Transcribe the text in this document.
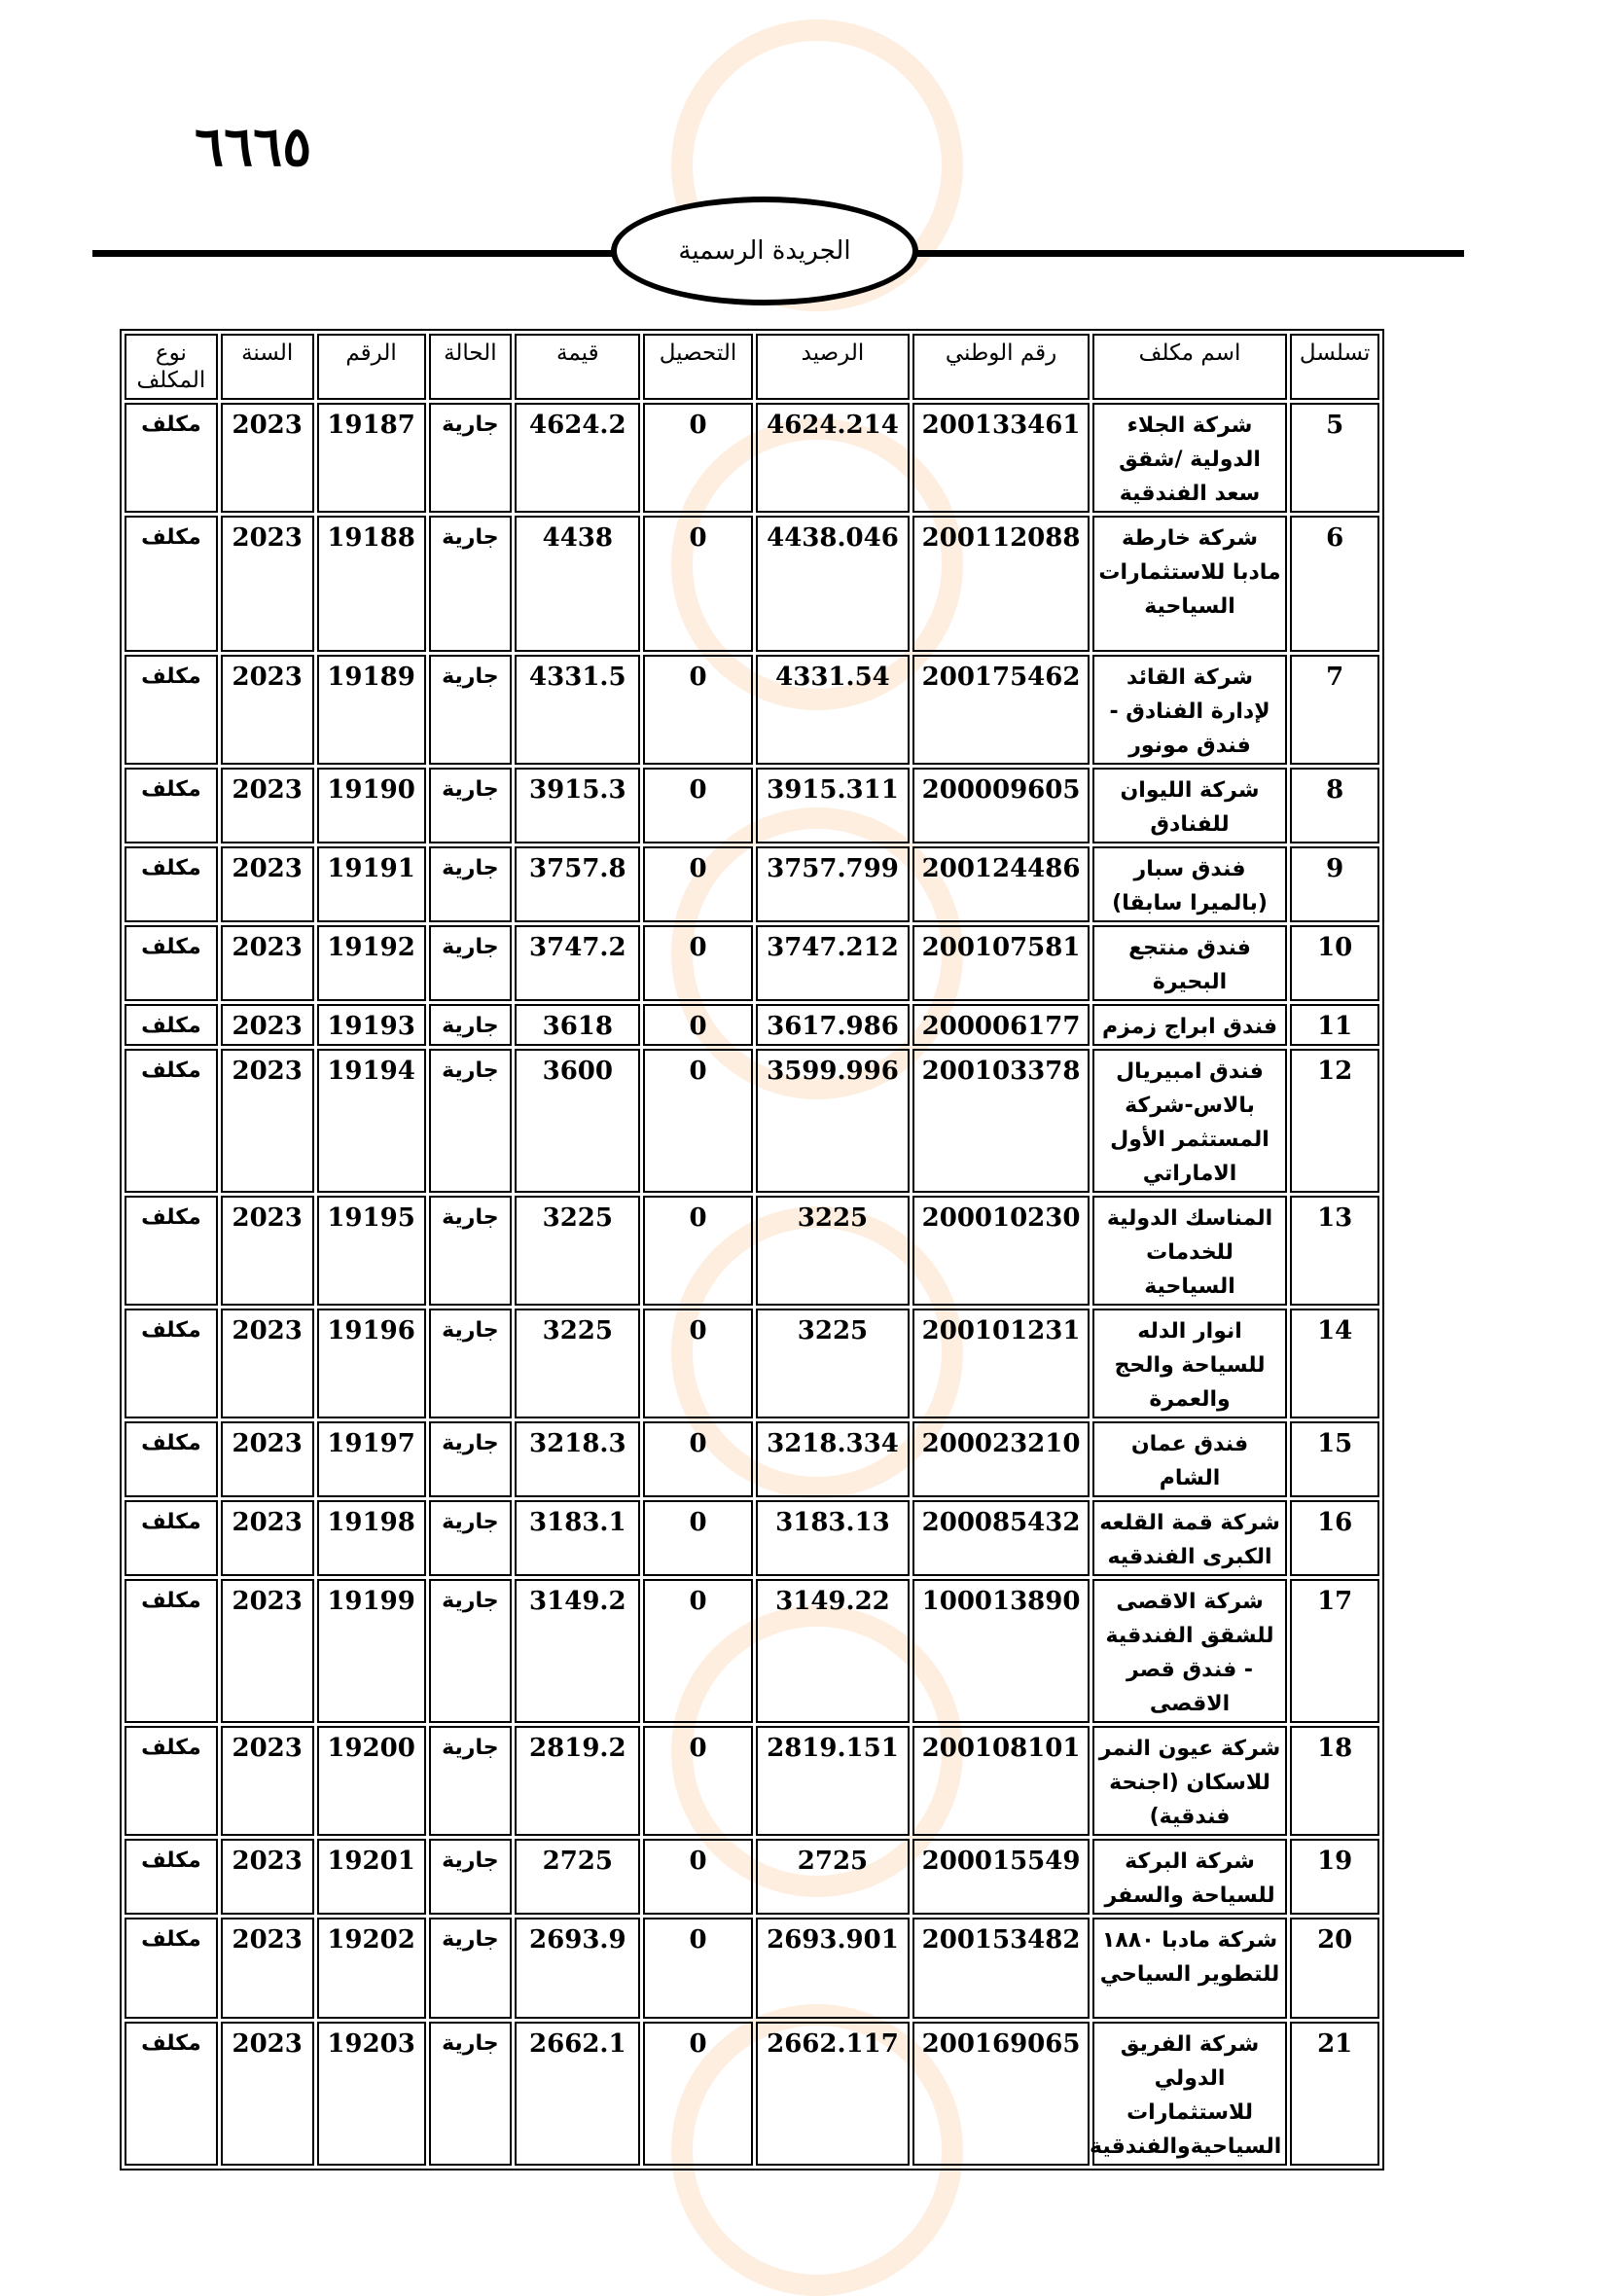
٦٦٦٥
الجريدة الرسمية
تسلسل	اسم مكلف	رقم الوطني	الرصيد	التحصيل	قيمة	الحالة	الرقم	السنة	نوع المكلف
5	شركة الجلاء الدولية /شقق سعد الفندقية	200133461	4624.214	0	4624.2	جارية	19187	2023	مكلف
6	شركة خارطة مادبا للاستثمارات السياحية	200112088	4438.046	0	4438	جارية	19188	2023	مكلف
7	شركة القائد لإدارة الفنادق - فندق مونور	200175462	4331.54	0	4331.5	جارية	19189	2023	مكلف
8	شركة الليوان للفنادق	200009605	3915.311	0	3915.3	جارية	19190	2023	مكلف
9	فندق سبار (بالميرا سابقا)	200124486	3757.799	0	3757.8	جارية	19191	2023	مكلف
10	فندق منتجع البحيرة	200107581	3747.212	0	3747.2	جارية	19192	2023	مكلف
11	فندق ابراج زمزم	200006177	3617.986	0	3618	جارية	19193	2023	مكلف
12	فندق امبيريال بالاس-شركة المستثمر الأول الاماراتي	200103378	3599.996	0	3600	جارية	19194	2023	مكلف
13	المناسك الدولية للخدمات السياحية	200010230	3225	0	3225	جارية	19195	2023	مكلف
14	انوار الدله للسياحة والحج والعمرة	200101231	3225	0	3225	جارية	19196	2023	مكلف
15	فندق عمان الشام	200023210	3218.334	0	3218.3	جارية	19197	2023	مكلف
16	شركة قمة القلعه الكبرى الفندقيه	200085432	3183.13	0	3183.1	جارية	19198	2023	مكلف
17	شركة الاقصى للشقق الفندقية - فندق قصر الاقصى	100013890	3149.22	0	3149.2	جارية	19199	2023	مكلف
18	شركة عيون النمر للاسكان (اجنحة فندقية)	200108101	2819.151	0	2819.2	جارية	19200	2023	مكلف
19	شركة البركة للسياحة والسفر	200015549	2725	0	2725	جارية	19201	2023	مكلف
20	شركة مادبا ١٨٨٠ للتطوير السياحي	200153482	2693.901	0	2693.9	جارية	19202	2023	مكلف
21	شركة الفريق الدولي للاستثمارات السياحيةوالفندقية	200169065	2662.117	0	2662.1	جارية	19203	2023	مكلف
